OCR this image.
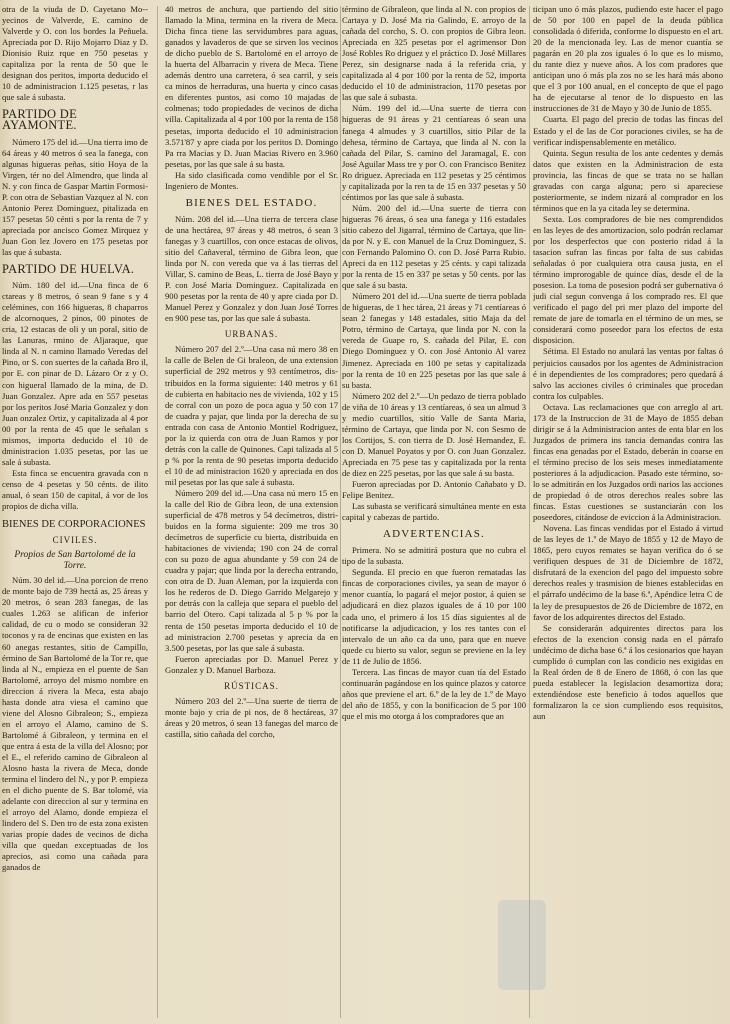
otra de la viuda de D. Cayetano Mo-yecinos de Valverde, E. camino de Valverde y O. con los bordes la Peñuela. Apreciada por D. Rijo Mojarro Diaz y D. Dionisio Ruiz rque en 750 pesetas y capitaliza por la renta de 50 que le designan dos peritos, importa deducido el 10 de administracion 1.125 pesetas, r las que sale á subasta.

PARTIDO DE AYAMONTE.

Número 175 del id.—Una tierra imo de 64 áreas y 40 metros ó sea la fanega, con algunas higueras peñas, sitio Hoya de la Virgen, tér no del Almendro, que linda al N. y con finca de Gaspar Martin Formosi P. con otra de Sebastian Vazquez al N. con Antonio Perez Dominguez, pitalizada en 157 pesetas 50 cénti s por la renta de 7 y apreciada por ancisco Gomez Mirquez y Juan Gon lez Jovero en 175 pesetas por las que á subasta.

PARTIDO DE HUELVA.

Núm. 180 del id.—Una finca de 6 ctareas y 8 metros, ó sean 9 fane s y 4 celémines, con 166 higueras, 8 chaparros de alcornoques, 2 pinos, 00 pinotes de cria, 12 estacas de oli y un poral, sitio de las Lanuras, rmino de Aljaraque, que linda al N. n camino llamado Veredas del Pino, or S. con suertes de la cañada Bro il, por E. con pinar de D. Lázaro Or z y O. con higueral llamado de la mina, de D. Juan Gonzalez. Apre ada en 557 pesetas por los peritos José Maria Gonzalez y don Juan onzalez Ortiz, y capitalizada al 4 por 00 por la renta de 45 que le señalan s mismos, importa deducido el 10 de dministracion 1.035 pesetas, por las ue sale á subasta.

Esta finca se encuentra gravada con n censo de 4 pesetas y 50 cénts. de ilito anual, ó sean 150 de capital, á vor de los propios de dicha villa.

BIENES DE CORPORACIONES
CIVILES.
Propios de San Bartolomé de la Torre.

Núm. 30 del id.—Una porcion de rreno de monte bajo de 739 hectá as, 25 áreas y 20 metros, ó sean 283 fanegas, de las cuales 1.263 se alifican de inferior calidad, de cu o modo se consideran 32 toconos y ra de encinas que existen en las 60 anegas restantes, sitio de Campillo, érmino de San Bartolomé de la Tor re, que linda al N., empieza en el puente de San Bartolomé, arroyo del mismo nombre en direccion á rivera la Meca, esta abajo hasta donde atra viesa el camino que viene del Alosno Gibraleon; S., empieza en el arroyo el Alamo, camino de S. Bartolomé á Gibraleon, y termina en el que entra á esta de la villa del Alosno; por el E., el referido camino de Gibraleon al Alosno hasta la rivera de Meca, donde termina el lindero del N., y por P. empieza en el dicho puente de S. Bar tolomé, via adelante con direccion al sur y termina en el arroyo del Alamo, donde empieza el lindero del S. Den tro de esta zona existen varias propie dades de vecinos de dicha villa que quedan exceptuadas de los aprecios, asi como una cañada para ganados de

40 metros de anchura, que partiendo del sitio llamado la Mina, termina en la rivera de Meca. Dicha finca tiene las servidumbres para aguas, ganados y lavaderos de que se sirven los vecinos de dicho pueblo de S. Bartolomé en el arroyo de la huerta del Albarracin y rivera de Meca. Tiene además dentro una carretera, ó sea carril, y seis ca minos de herraduras, una huerta y cinco casas en diferentes puntos, asi como 10 majadas de colmenas; todo propiedades de vecinos de dicha villa. Capitalizada al 4 por 100 por la renta de 158 pesetas, importa deducido el 10 administracion 3.571'87 y apre ciada por los peritos D. Domingo Pa rra Macias y D. Juan Macias Rivero en 3.960 pesetas, por las que sale á su basta.

Ha sido clasificada como vendible por el Sr. Ingeniero de Montes.

BIENES DEL ESTADO.

Núm. 208 del id.—Una tierra de tercera clase de una hectárea, 97 áreas y 48 metros, ó sean 3 fanegas y 3 cuartillos, con once estacas de olivos, sitio del Cañaveral, término de Gibra leon, que linda por N. con vereda que va á las tierras del Villar, S. camino de Beas, L. tierra de José Bayo y P. con José Maria Dominguez. Capitalizada en 900 pesetas por la renta de 40 y apre ciada por D. Manuel Perez y Gonzalez y don Juan José Torres en 900 pese tas, por las que sale á subasta.

URBANAS.

Número 207 del 2.º—Una casa nú mero 38 en la calle de Belen de Gi braleon, de una extension superficial de 292 metros y 93 centímetros, dis tribuidos en la forma siguiente: 140 metros y 61 de cubierta en habitacio nes de vivienda, 102 y 15 de corral con un pozo de poca agua y 50 con 17 de cuadra y pajar, que linda por la derecha de su entrada con casa de Antonio Montiel Rodriguez, por la iz quierda con otra de Juan Ramos y por detrás con la calle de Quinones. Capi talizada al 5 p % por la renta de 90 pesetas importa deducido el 10 de ad ministracion 1620 y apreciada en dos mil pesetas por las que sale á subasta.

Número 209 del id.—Una casa nú mero 15 en la calle del Rio de Gibra leon, de una extension superficial de 478 metros y 54 decímetros, distri buidos en la forma siguiente: 209 me tros 30 decímetros de superficie cu bierta, distribuida en habitaciones de vivienda; 190 con 24 de corral con su pozo de agua abundante y 59 con 24 de cuadra y pajar; que linda por la derecha entrando, con otra de D. Juan Aleman, por la izquierda con los he rederos de D. Diego Garrido Melgarejo y por detrás con la calleja que separa el pueblo del barrio del Otero. Capi talizada al 5 p % por la renta de 150 pesetas importa deducido el 10 de ad ministracion 2.700 pesetas y aprecia da en 3.500 pesetas, por las que sale á subasta.

Fueron apreciadas por D. Manuel Perez y Gonzalez y D. Manuel Barboza.

RÚSTICAS.

Número 203 del 2.º—Una suerte de tierra de monte bajo y cria de pi nos, de 8 hectáreas, 37 áreas y 20 metros, ó sean 13 fanegas del marco de castilla, sitio cañada del corcho,

término de Gibraleon, que linda al N. con propios de Cartaya y D. José Ma ria Galindo, E. arroyo de la cañada del corcho, S. O. con propios de Gibra leon. Apreciada en 325 pesetas por el agrimensor Don José Robles Ro driguez y el práctico D. José Millares Perez, sin designarse nada á la referida cria, y capitalizada al 4 por 100 por la renta de 52, importa deducido el 10 de administracion, 1170 pesetas por las que sale á subasta.

Núm. 199 del id.—Una suerte de tierra con higueras de 91 áreas y 21 centíareas ó sean una fanega 4 almudes y 3 cuartillos, sitio Pilar de la dehesa, término de Cartaya, que linda al N. con la cañada del Pilar, S. camino del Jaramagal, E. con José Aguilar Mass tre y por O. con Francisco Benitez Ro driguez. Apreciada en 112 pesetas y 25 céntimos y capitalizada por la ren ta de 15 en 337 pesetas y 50 céntimos por las que sale á subasta.

Núm. 200 del id.—Una suerte de tierra con higueras 76 áreas, ó sea una fanega y 116 estadales sitio cabezo del Jigarral, término de Cartaya, que lin da por N. y E. con Manuel de la Cruz Dominguez, S. con Fernando Palomino O. con D. José Parra Rubio. Apreci da en 112 pesetas y 25 cénts. y capi talizada por la renta de 15 en 337 pe setas y 50 cents. por las que sale á su basta.

Número 201 del id.—Una suerte de tierra poblada de higueras, de 1 hec tárea, 21 áreas y 71 centíareas ó sean 2 fanegas y 148 estadales, sitio Maja da del Potro, término de Cartaya, que linda por N. con la vereda de Guape ro, S. cañada del Pilar, E. con Diego Dominguez y O. con José Antonio Al varez Jimenez. Apreciada en 100 pe setas y capitalizada por la renta de 10 en 225 pesetas por las que sale á su basta.

Número 202 del 2.º—Un pedazo de tierra poblado de viña de 10 áreas y 13 centíareas, ó sea un almud 3 y medio cuartillos, sitio Valle de Santa Maria, término de Cartaya, que linda por N. con Sesmo de los Cortijos, S. con tierra de D. José Hernandez, E. con D. Manuel Poyatos y por O. con Juan Gonzalez. Apreciada en 75 pese tas y capitalizada por la renta de diez en 225 pesetas, por las que sale á su basta.

Fueron apreciadas por D. Antonio Cañabato y D. Felipe Benitez.

Las subasta se verificará simultánea mente en esta capital y cabezas de partido.

ADVERTENCIAS.

Primera. No se admitirá postura que no cubra el tipo de la subasta.

Segunda. El precio en que fueron rematadas las fincas de corporaciones civiles, ya sean de mayor ó menor cuantía, lo pagará el mejor postor, á quien se adjudicará en diez plazos iguales de á 10 por 100 cada uno, el primero á los 15 días siguientes al de notificarse la adjudicacion, y los res tantes con el intervalo de un año ca da uno, para que en nueve quede cu bierto su valor, segun se previene en la ley de 11 de Julio de 1856.

Tercera. Las fincas de mayor cuan tía del Estado continuarán pagándose en los quince plazos y catorce años que previene el art. 6.º de la ley de 1.º de Mayo del año de 1855, y con la bonificacion de 5 por 100 que el mis mo otorga á los compradores que an

ticipan uno ó más plazos, pudiendo este hacer el pago de 50 por 100 en papel de la deuda pública consolidada ó diferida, conforme lo dispuesto en el art. 20 de la mencionada ley. Las de menor cuantía se pagarán en 20 pla zos iguales ó lo que es lo mismo, du rante diez y nueve años. A los com pradores que anticipan uno ó más pla zos no se les hará más abono que el 3 por 100 anual, en el concepto de que el pago ha de ejecutarse al tenor de lo dispuesto en las instrucciones de 31 de Mayo y 30 de Junio de 1855.

Cuarta. El pago del precio de todas las fincas del Estado y el de las de Cor poraciones civiles, se ha de verificar indispensablemente en metálico.

Quinta. Segun resulta de los ante cedentes y demás datos que existen en la Administracion de esta provincia, las fincas de que se trata no se hallan gravadas con carga alguna; pero si apareciese posteriormente, se indem nizará al comprador en los términos que en la ya citada ley se determina.

Sexta. Los compradores de bie nes comprendidos en las leyes de des amortizacion, solo podrán reclamar por los desperfectos que con posterio ridad á la tasacion sufran las fincas por falta de sus cabidas señaladas ó por cualquiera otra causa justa, en el término improrogable de quince días, desde el de la posesion. La toma de posesion podrá ser gubernativa ó judi cial segun convenga á los comprado res. El que verificado el pago del pri mer plazo del importe del remate de jare de tomarla en el término de un mes, se considerará como poseedor para los efectos de esta disposicion.

Sétima. El Estado no anulará las ventas por faltas ó perjuicios causados por los agentes de Administracion é in dependientes de los compradores; pero quedará á salvo las acciones civiles ó criminales que procedan contra los culpables.

Octava. Las reclamaciones que con arreglo al art. 173 de la Instruccion de 31 de Mayo de 1855 deban dirigir se á la Administracion antes de enta blar en los Juzgados de primera ins tancia demandas contra las fincas ena genadas por el Estado, deberán in coarse en el término preciso de los seis meses inmediatamente posteriores á la adjudicacion. Pasado este término, so lo se admitirán en los Juzgados ordi narios las acciones de propiedad ó de otros derechos reales sobre las fincas. Estas cuestiones se sustanciarán con los poseedores, citándose de eviccion á la Administracion.

Novena. Las fincas vendidas por el Estado á virtud de las leyes de 1.º de Mayo de 1855 y 12 de Mayo de 1865, pero cuyos remates se hayan verifica do ó se verifiquen despues de 31 de Diciembre de 1872, disfrutará de la exencion del pago del impuesto sobre derechos reales y trasmision de bienes establecidas en el párrafo undécimo de la base 6.ª, Apéndice letra C de la ley de presupuestos de 26 de Diciembre de 1872, en favor de los adquirentes directos del Estado.

Se considerarán adquirentes directos para los efectos de la exencion consig nada en el párrafo undécimo de dicha base 6.ª á los cesionarios que hayan cumplido ó cumplan con las condicio nes exigidas en la Real órden de 8 de Enero de 1868, ó con las que pueda establecer la legislacion desamortiza dora; extendiéndose este beneficio á todos aquellos que formalizaron la ce sion cumpliendo esos requisitos, aun
